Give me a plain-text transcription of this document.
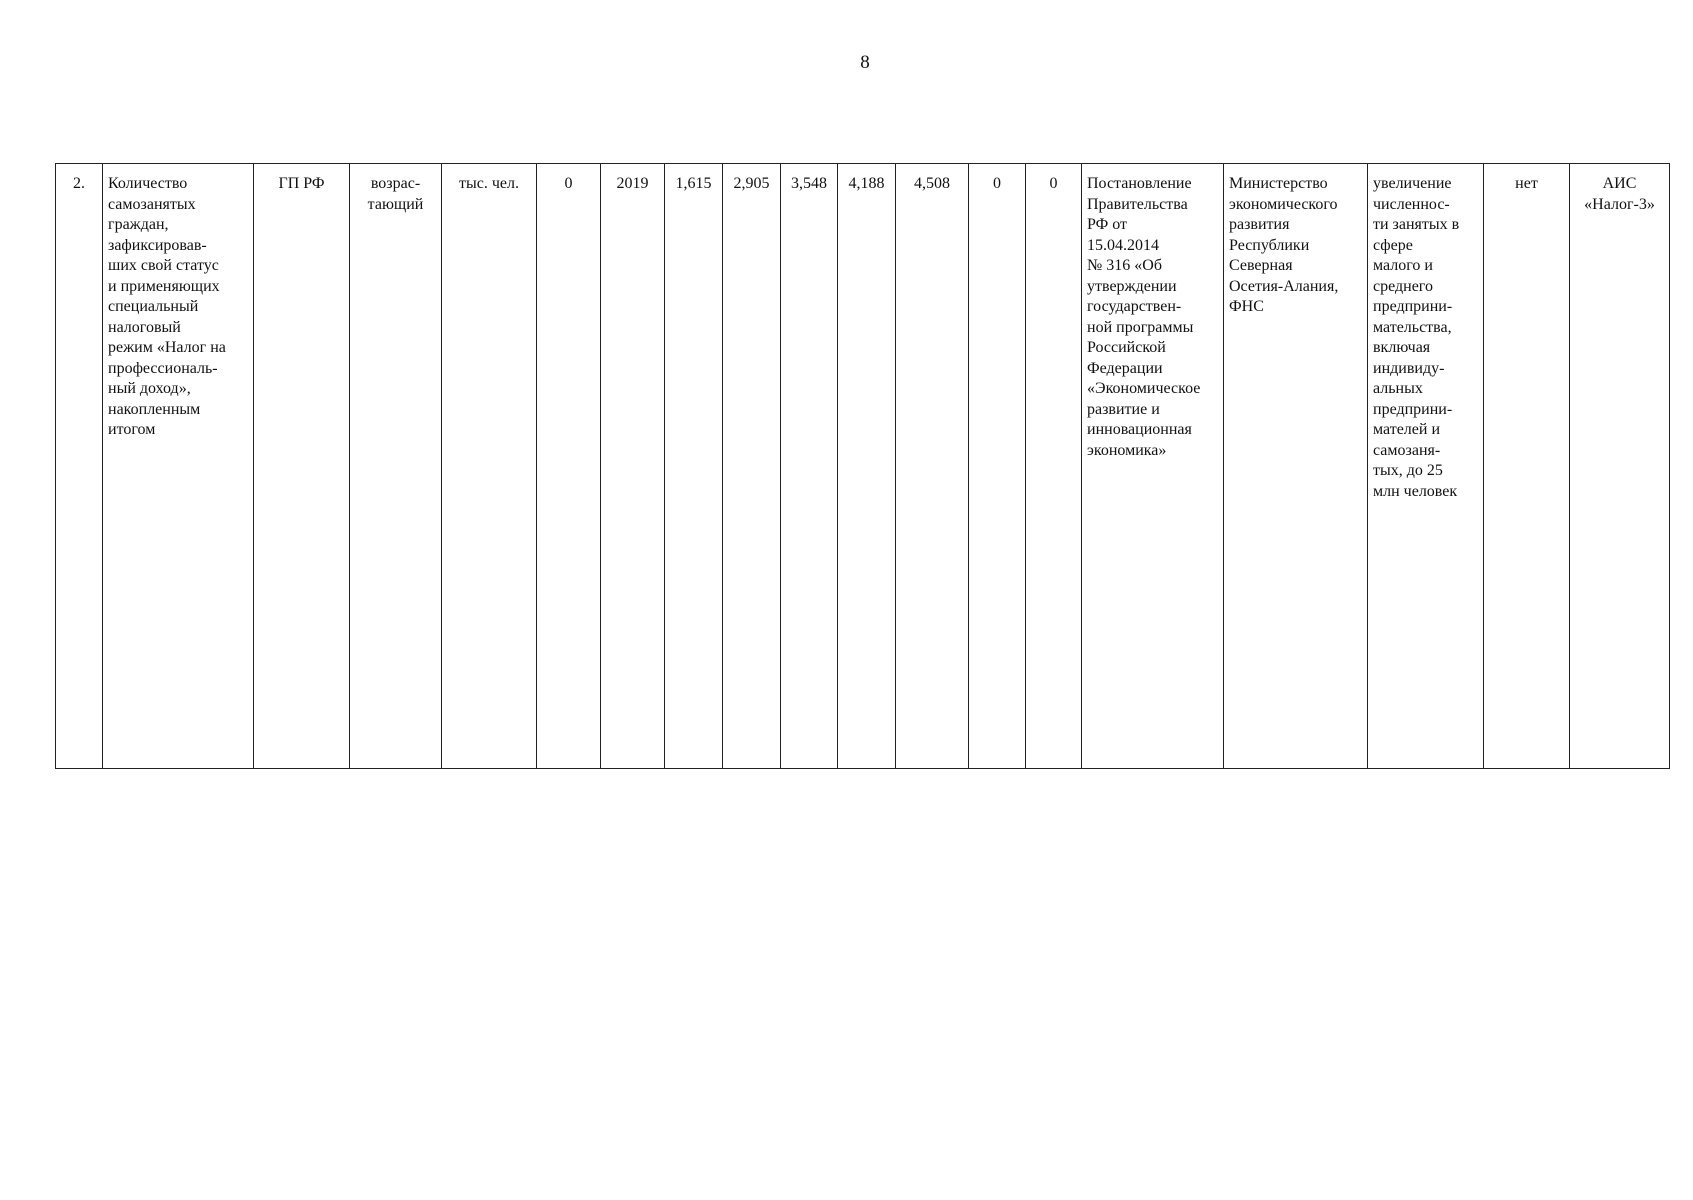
8
2.	Количество
самозанятых
граждан,
зафиксировав-
ших свой статус
и применяющих
специальный
налоговый
режим «Налог на
профессиональ-
ный доход»,
накопленным
итогом	ГП РФ	возрас-
тающий	тыс. чел.	0	2019	1,615	2,905	3,548	4,188	4,508	0	0	Постановление
Правительства
РФ от
15.04.2014
№ 316 «Об
утверждении
государствен-
ной программы
Российской
Федерации
«Экономическое
развитие и
инновационная
экономика»	Министерство
экономического
развития
Республики
Северная
Осетия-Алания,
ФНС	увеличение
численнос-
ти занятых в
сфере
малого и
среднего
предприни-
мательства,
включая
индивиду-
альных
предприни-
мателей и
самозаня-
тых, до 25
млн человек	нет	АИС
«Налог-3»
